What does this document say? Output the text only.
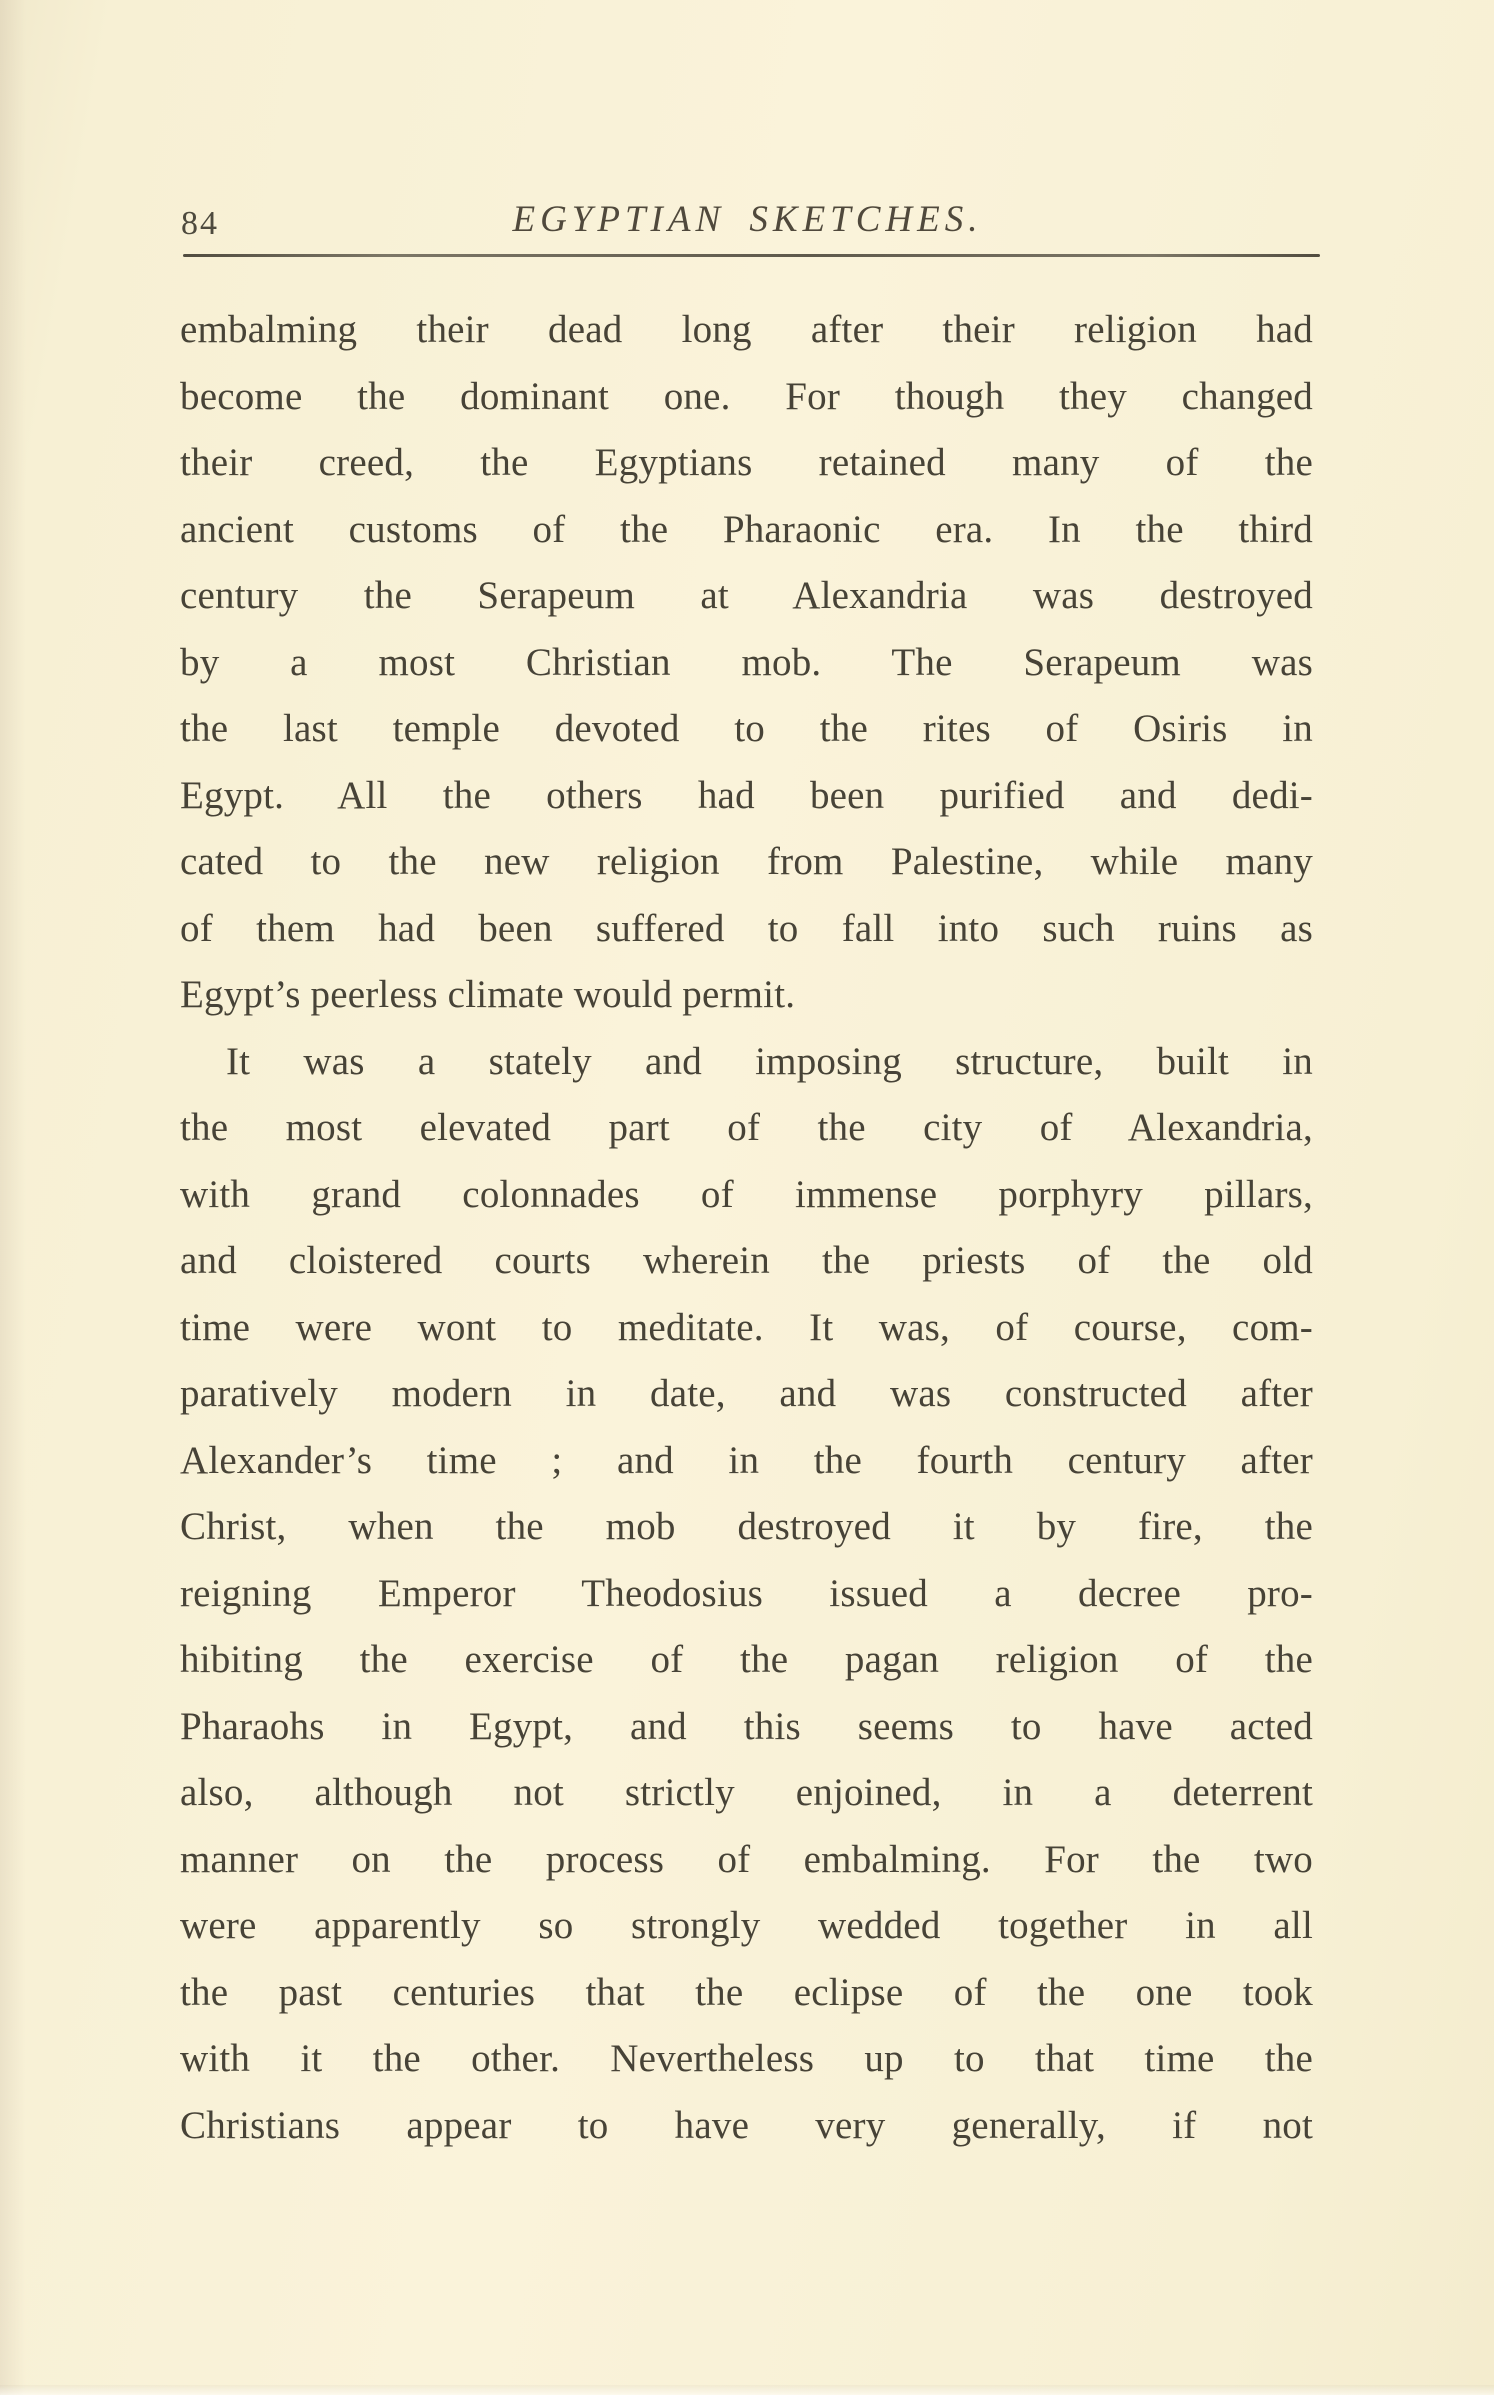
84	EGYPTIAN SKETCHES.
embalming their dead long after their religion had
become the dominant one. For though they changed
their creed, the Egyptians retained many of the
ancient customs of the Pharaonic era. In the third
century the Serapeum at Alexandria was destroyed
by a most Christian mob. The Serapeum was
the last temple devoted to the rites of Osiris in
Egypt. All the others had been purified and dedi-
cated to the new religion from Palestine, while many
of them had been suffered to fall into such ruins as
Egypt’s peerless climate would permit.
It was a stately and imposing structure, built in
the most elevated part of the city of Alexandria,
with grand colonnades of immense porphyry pillars,
and cloistered courts wherein the priests of the old
time were wont to meditate. It was, of course, com-
paratively modern in date, and was constructed after
Alexander’s time ; and in the fourth century after
Christ, when the mob destroyed it by fire, the
reigning Emperor Theodosius issued a decree pro-
hibiting the exercise of the pagan religion of the
Pharaohs in Egypt, and this seems to have acted
also, although not strictly enjoined, in a deterrent
manner on the process of embalming. For the two
were apparently so strongly wedded together in all
the past centuries that the eclipse of the one took
with it the other. Nevertheless up to that time the
Christians appear to have very generally, if not
